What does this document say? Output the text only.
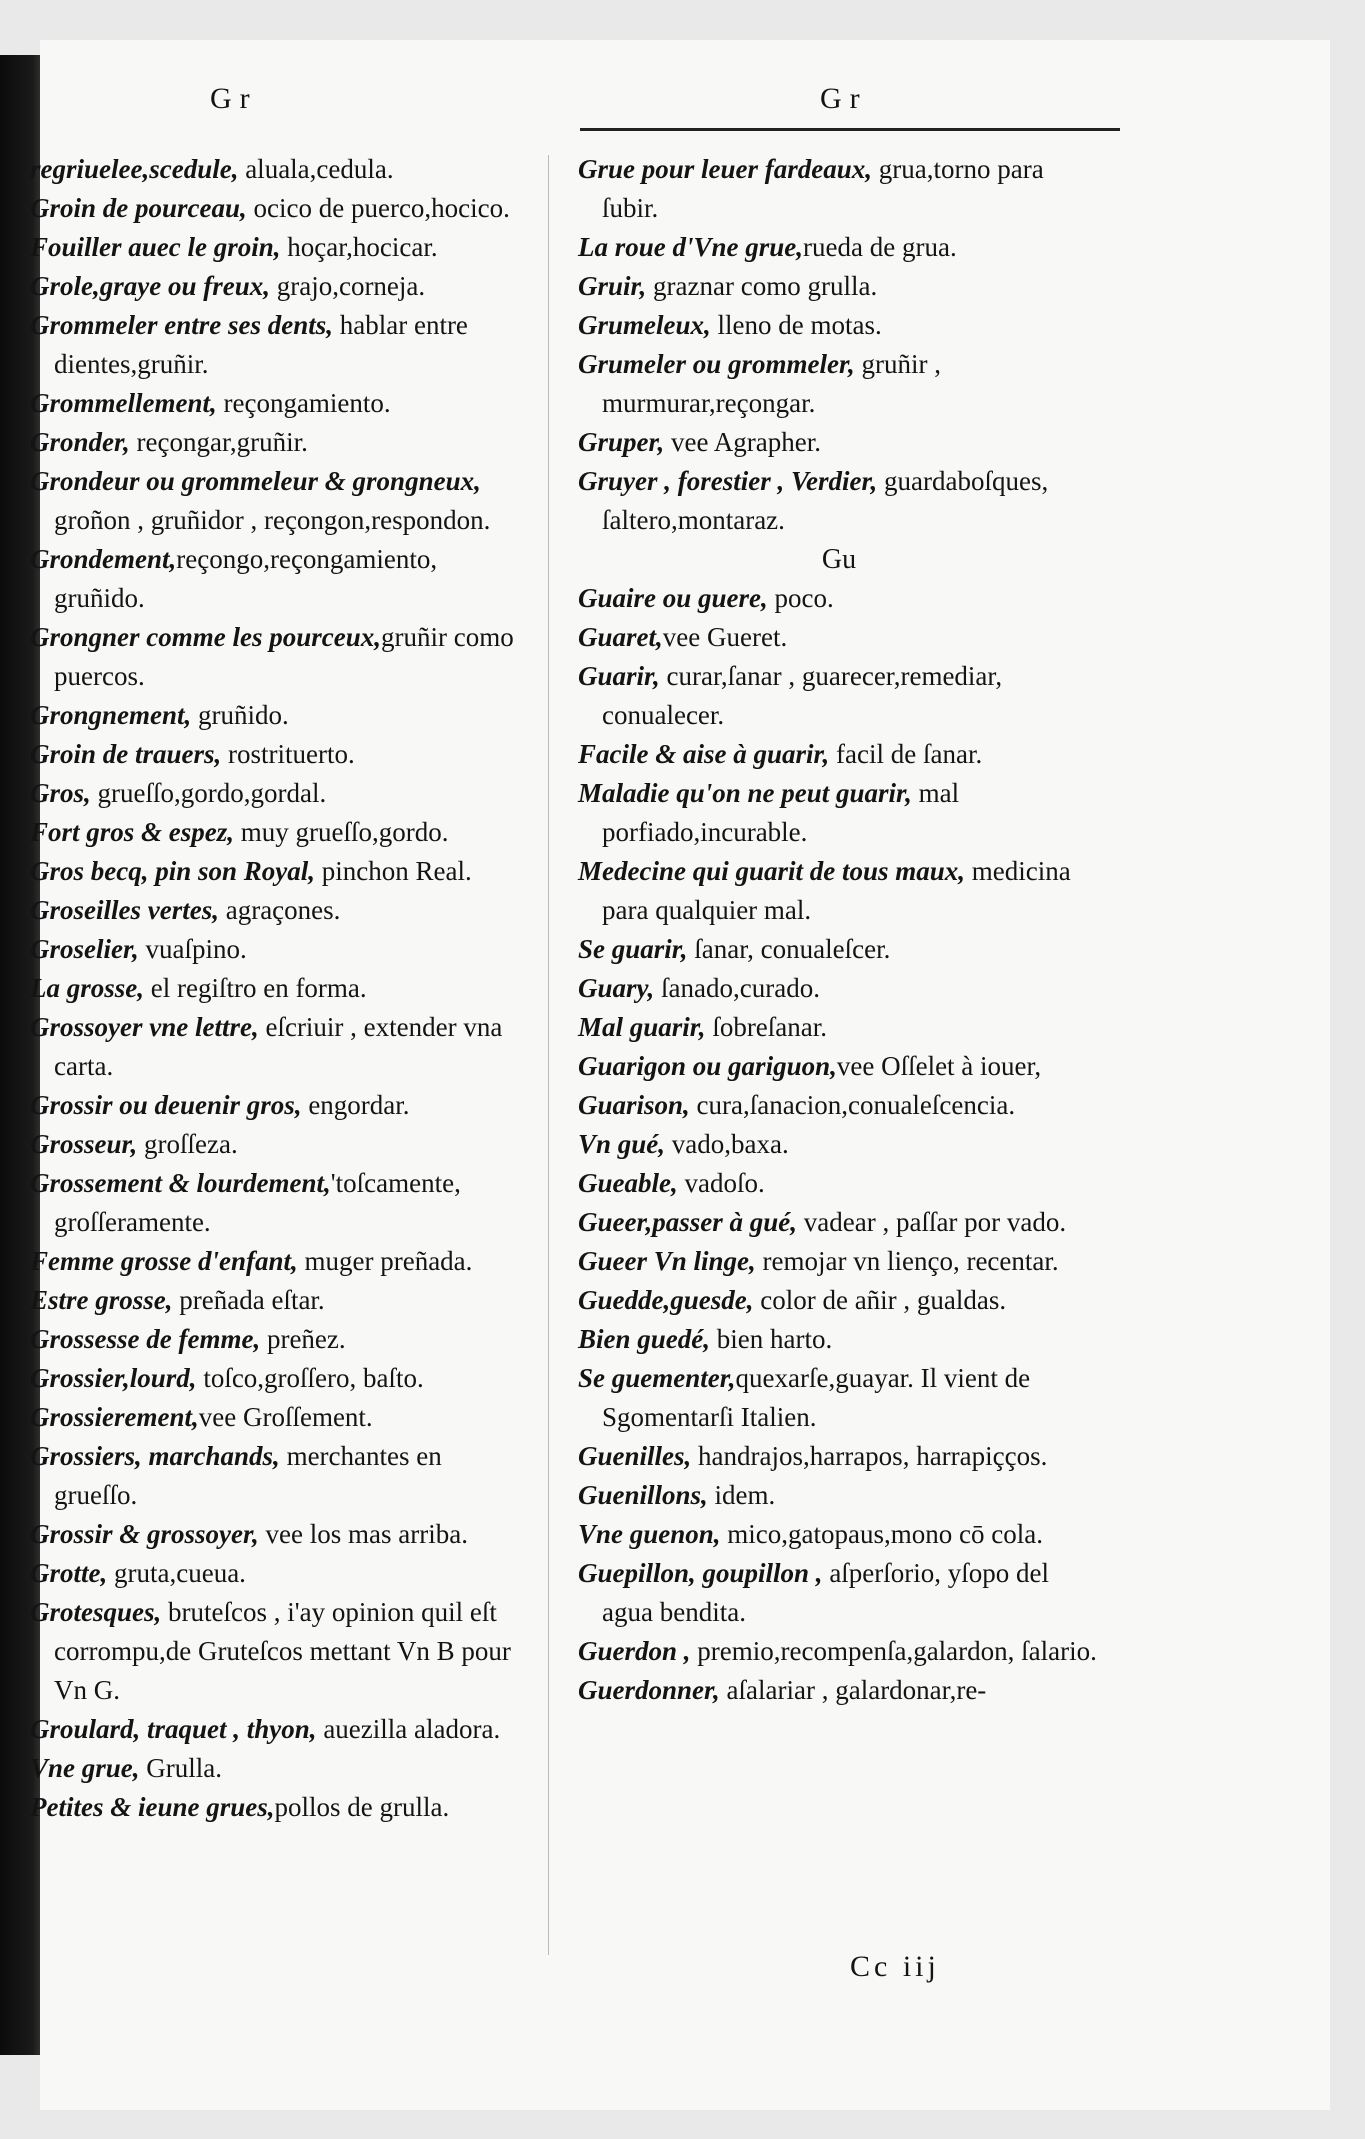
Gr	Gr

regriuelee,scedule, aluala,cedula.

Groin de pourceau, ocico de puerco,hocico.

Fouiller auec le groin, hoçar,hocicar.

Grole,graye ou freux, grajo,corneja.

Grommeler entre ses dents, hablar entre dientes,gruñir.

Grommellement, reçongamiento.

Gronder, reçongar,gruñir.

Grondeur ou grommeleur & grongneux, groñon , gruñidor , reçongon,respondon.

Grondement,reçongo,reçongamiento, gruñido.

Grongner comme les pourceux,gruñir como puercos.

Grongnement, gruñido.

Groin de trauers, rostrituerto.

Gros, grueſſo,gordo,gordal.

Fort gros & espez, muy grueſſo,gordo.

Gros becq, pin son Royal, pinchon Real.

Groseilles vertes, agraçones.

Groselier, vuaſpino.

La grosse, el regiſtro en forma.

Grossoyer vne lettre, eſcriuir , extender vna carta.

Grossir ou deuenir gros, engordar.

Grosseur, groſſeza.

Grossement & lourdement,'toſcamente, groſſeramente.

Femme grosse d'enfant, muger preñada.

Estre grosse, preñada eſtar.

Grossesse de femme, preñez.

Grossier,lourd, toſco,groſſero, baſto.

Grossierement,vee Groſſement.

Grossiers, marchands, merchantes en grueſſo.

Grossir & grossoyer, vee los mas arriba.

Grotte, gruta,cueua.

Grotesques, bruteſcos , i'ay opinion quil eſt corrompu,de Gruteſcos mettant Vn B pour Vn G.

Groulard, traquet , thyon, auezilla aladora.

Vne grue, Grulla.

Petites & ieune grues,pollos de grulla.

Grue pour leuer fardeaux, grua,torno para ſubir.

La roue d'Vne grue,rueda de grua.

Gruir, graznar como grulla.

Grumeleux, lleno de motas.

Grumeler ou grommeler, gruñir , murmurar,reçongar.

Gruper, vee Agrapher.

Gruyer , forestier , Verdier, guardaboſques, ſaltero,montaraz.

Gu

Guaire ou guere, poco.

Guaret,vee Gueret.

Guarir, curar,ſanar , guarecer,remediar, conualecer.

Facile & aise à guarir, facil de ſanar.

Maladie qu'on ne peut guarir, mal porfiado,incurable.

Medecine qui guarit de tous maux, medicina para qualquier mal.

Se guarir, ſanar, conualeſcer.

Guary, ſanado,curado.

Mal guarir, ſobreſanar.

Guarigon ou gariguon,vee Oſſelet à iouer,

Guarison, cura,ſanacion,conualeſcencia.

Vn gué, vado,baxa.

Gueable, vadoſo.

Gueer,passer à gué, vadear , paſſar por vado.

Gueer Vn linge, remojar vn lienço, recentar.

Guedde,guesde, color de añir , gualdas.

Bien guedé, bien harto.

Se guementer,quexarſe,guayar. Il vient de Sgomentarſi Italien.

Guenilles, handrajos,harrapos, harrapiçços.

Guenillons, idem.

Vne guenon, mico,gatopaus,mono cō cola.

Guepillon, goupillon , aſperſorio, yſopo del agua bendita.

Guerdon , premio,recompenſa,galardon, ſalario.

Guerdonner, aſalariar , galardonar,re-

Cc iij
